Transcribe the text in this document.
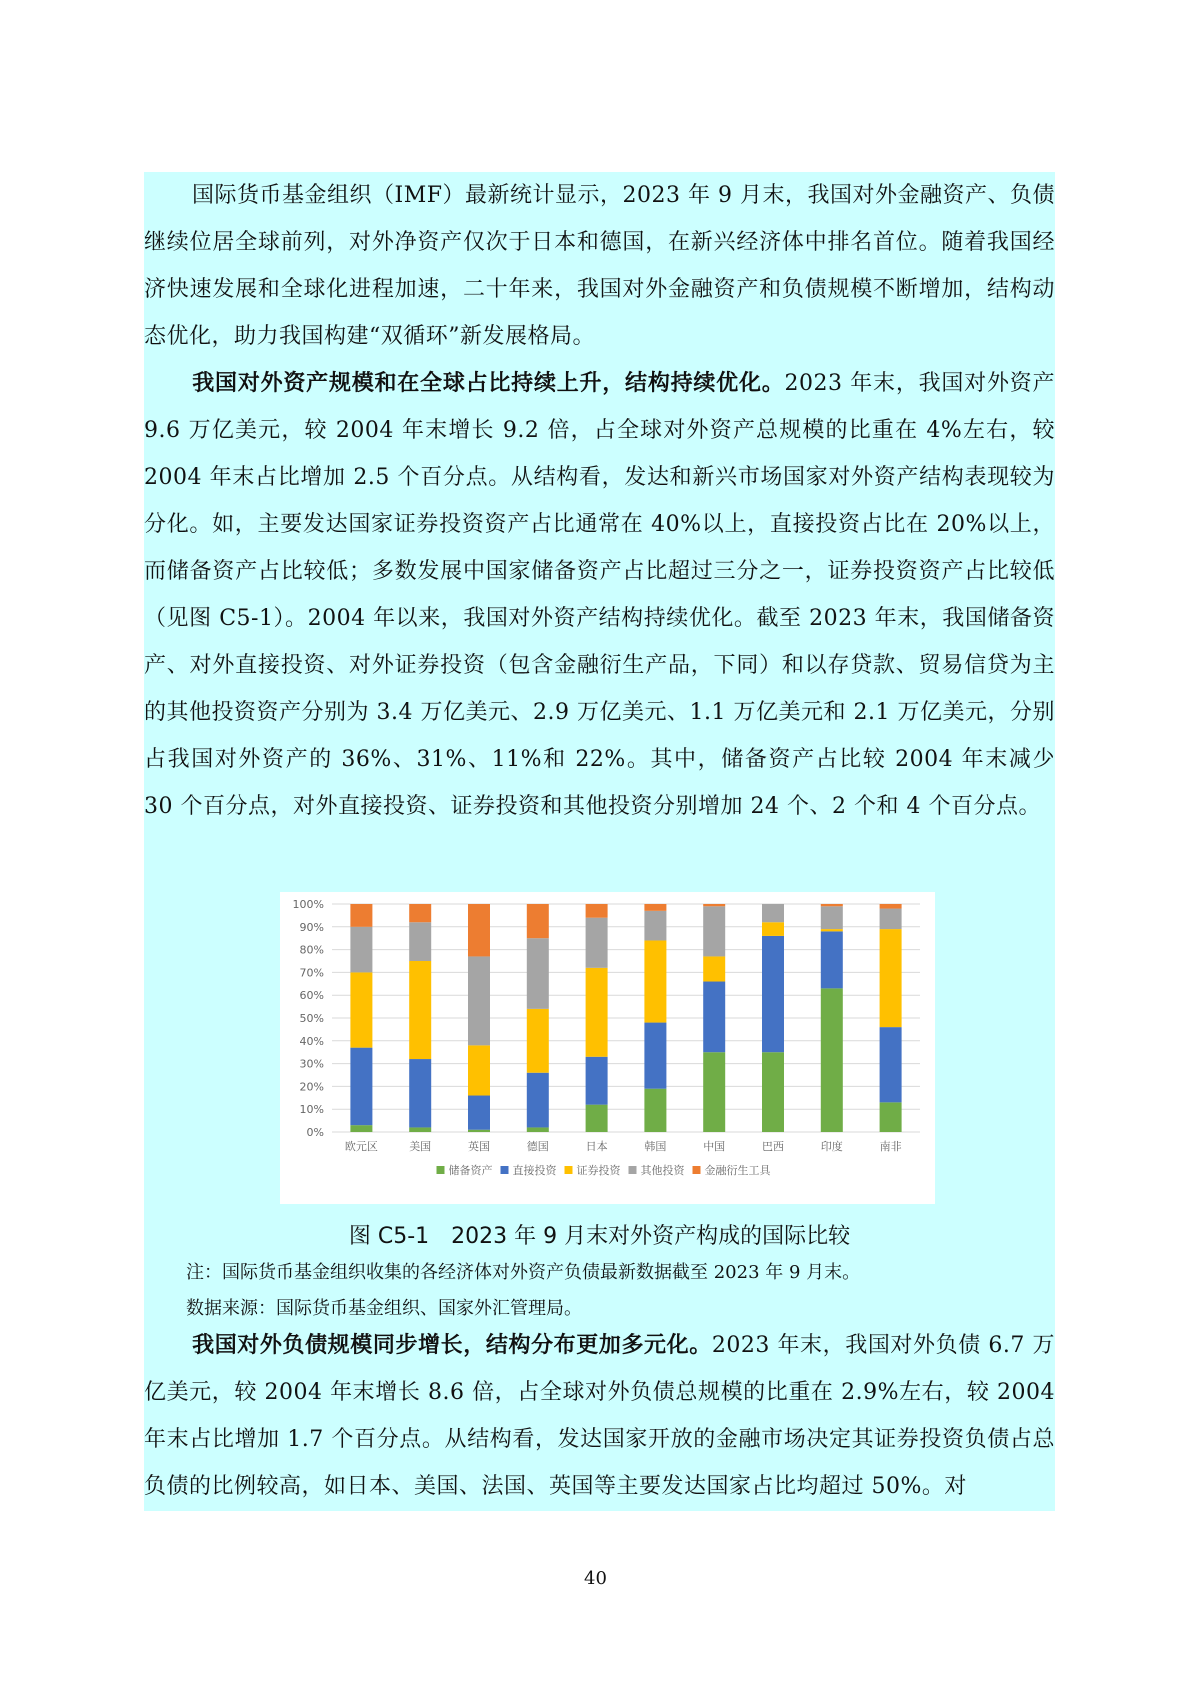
国际货币基金组织（IMF）最新统计显示，2023 年 9 月末，我国对外金融资产、负债继续位居全球前列，对外净资产仅次于日本和德国，在新兴经济体中排名首位。随着我国经济快速发展和全球化进程加速，二十年来，我国对外金融资产和负债规模不断增加，结构动态优化，助力我国构建“双循环”新发展格局。
我国对外资产规模和在全球占比持续上升，结构持续优化。2023 年末，我国对外资产 9.6 万亿美元，较 2004 年末增长 9.2 倍，占全球对外资产总规模的比重在 4%左右，较 2004 年末占比增加 2.5 个百分点。从结构看，发达和新兴市场国家对外资产结构表现较为分化。如，主要发达国家证券投资资产占比通常在 40%以上，直接投资占比在 20%以上，而储备资产占比较低；多数发展中国家储备资产占比超过三分之一，证券投资资产占比较低（见图 C5-1）。2004 年以来，我国对外资产结构持续优化。截至 2023 年末，我国储备资产、对外直接投资、对外证券投资（包含金融衍生产品，下同）和以存贷款、贸易信贷为主的其他投资资产分别为 3.4 万亿美元、2.9 万亿美元、1.1 万亿美元和 2.1 万亿美元，分别占我国对外资产的 36%、31%、11%和 22%。其中，储备资产占比较 2004 年末减少 30 个百分点，对外直接投资、证券投资和其他投资分别增加 24 个、2 个和 4 个百分点。
0%
10%
20%
30%
40%
50%
60%
70%
80%
90%
100%
欧元区	美国	英国	德国	日本	韩国	中国	巴西	印度	南非
储备资产 直接投资 证券投资 其他投资 金融衍生工具
图 C5-1　2023 年 9 月末对外资产构成的国际比较
注：国际货币基金组织收集的各经济体对外资产负债最新数据截至 2023 年 9 月末。
数据来源：国际货币基金组织、国家外汇管理局。
我国对外负债规模同步增长，结构分布更加多元化。2023 年末，我国对外负债 6.7 万亿美元，较 2004 年末增长 8.6 倍，占全球对外负债总规模的比重在 2.9%左右，较 2004 年末占比增加 1.7 个百分点。从结构看，发达国家开放的金融市场决定其证券投资负债占总负债的比例较高，如日本、美国、法国、英国等主要发达国家占比均超过 50%。对
40
